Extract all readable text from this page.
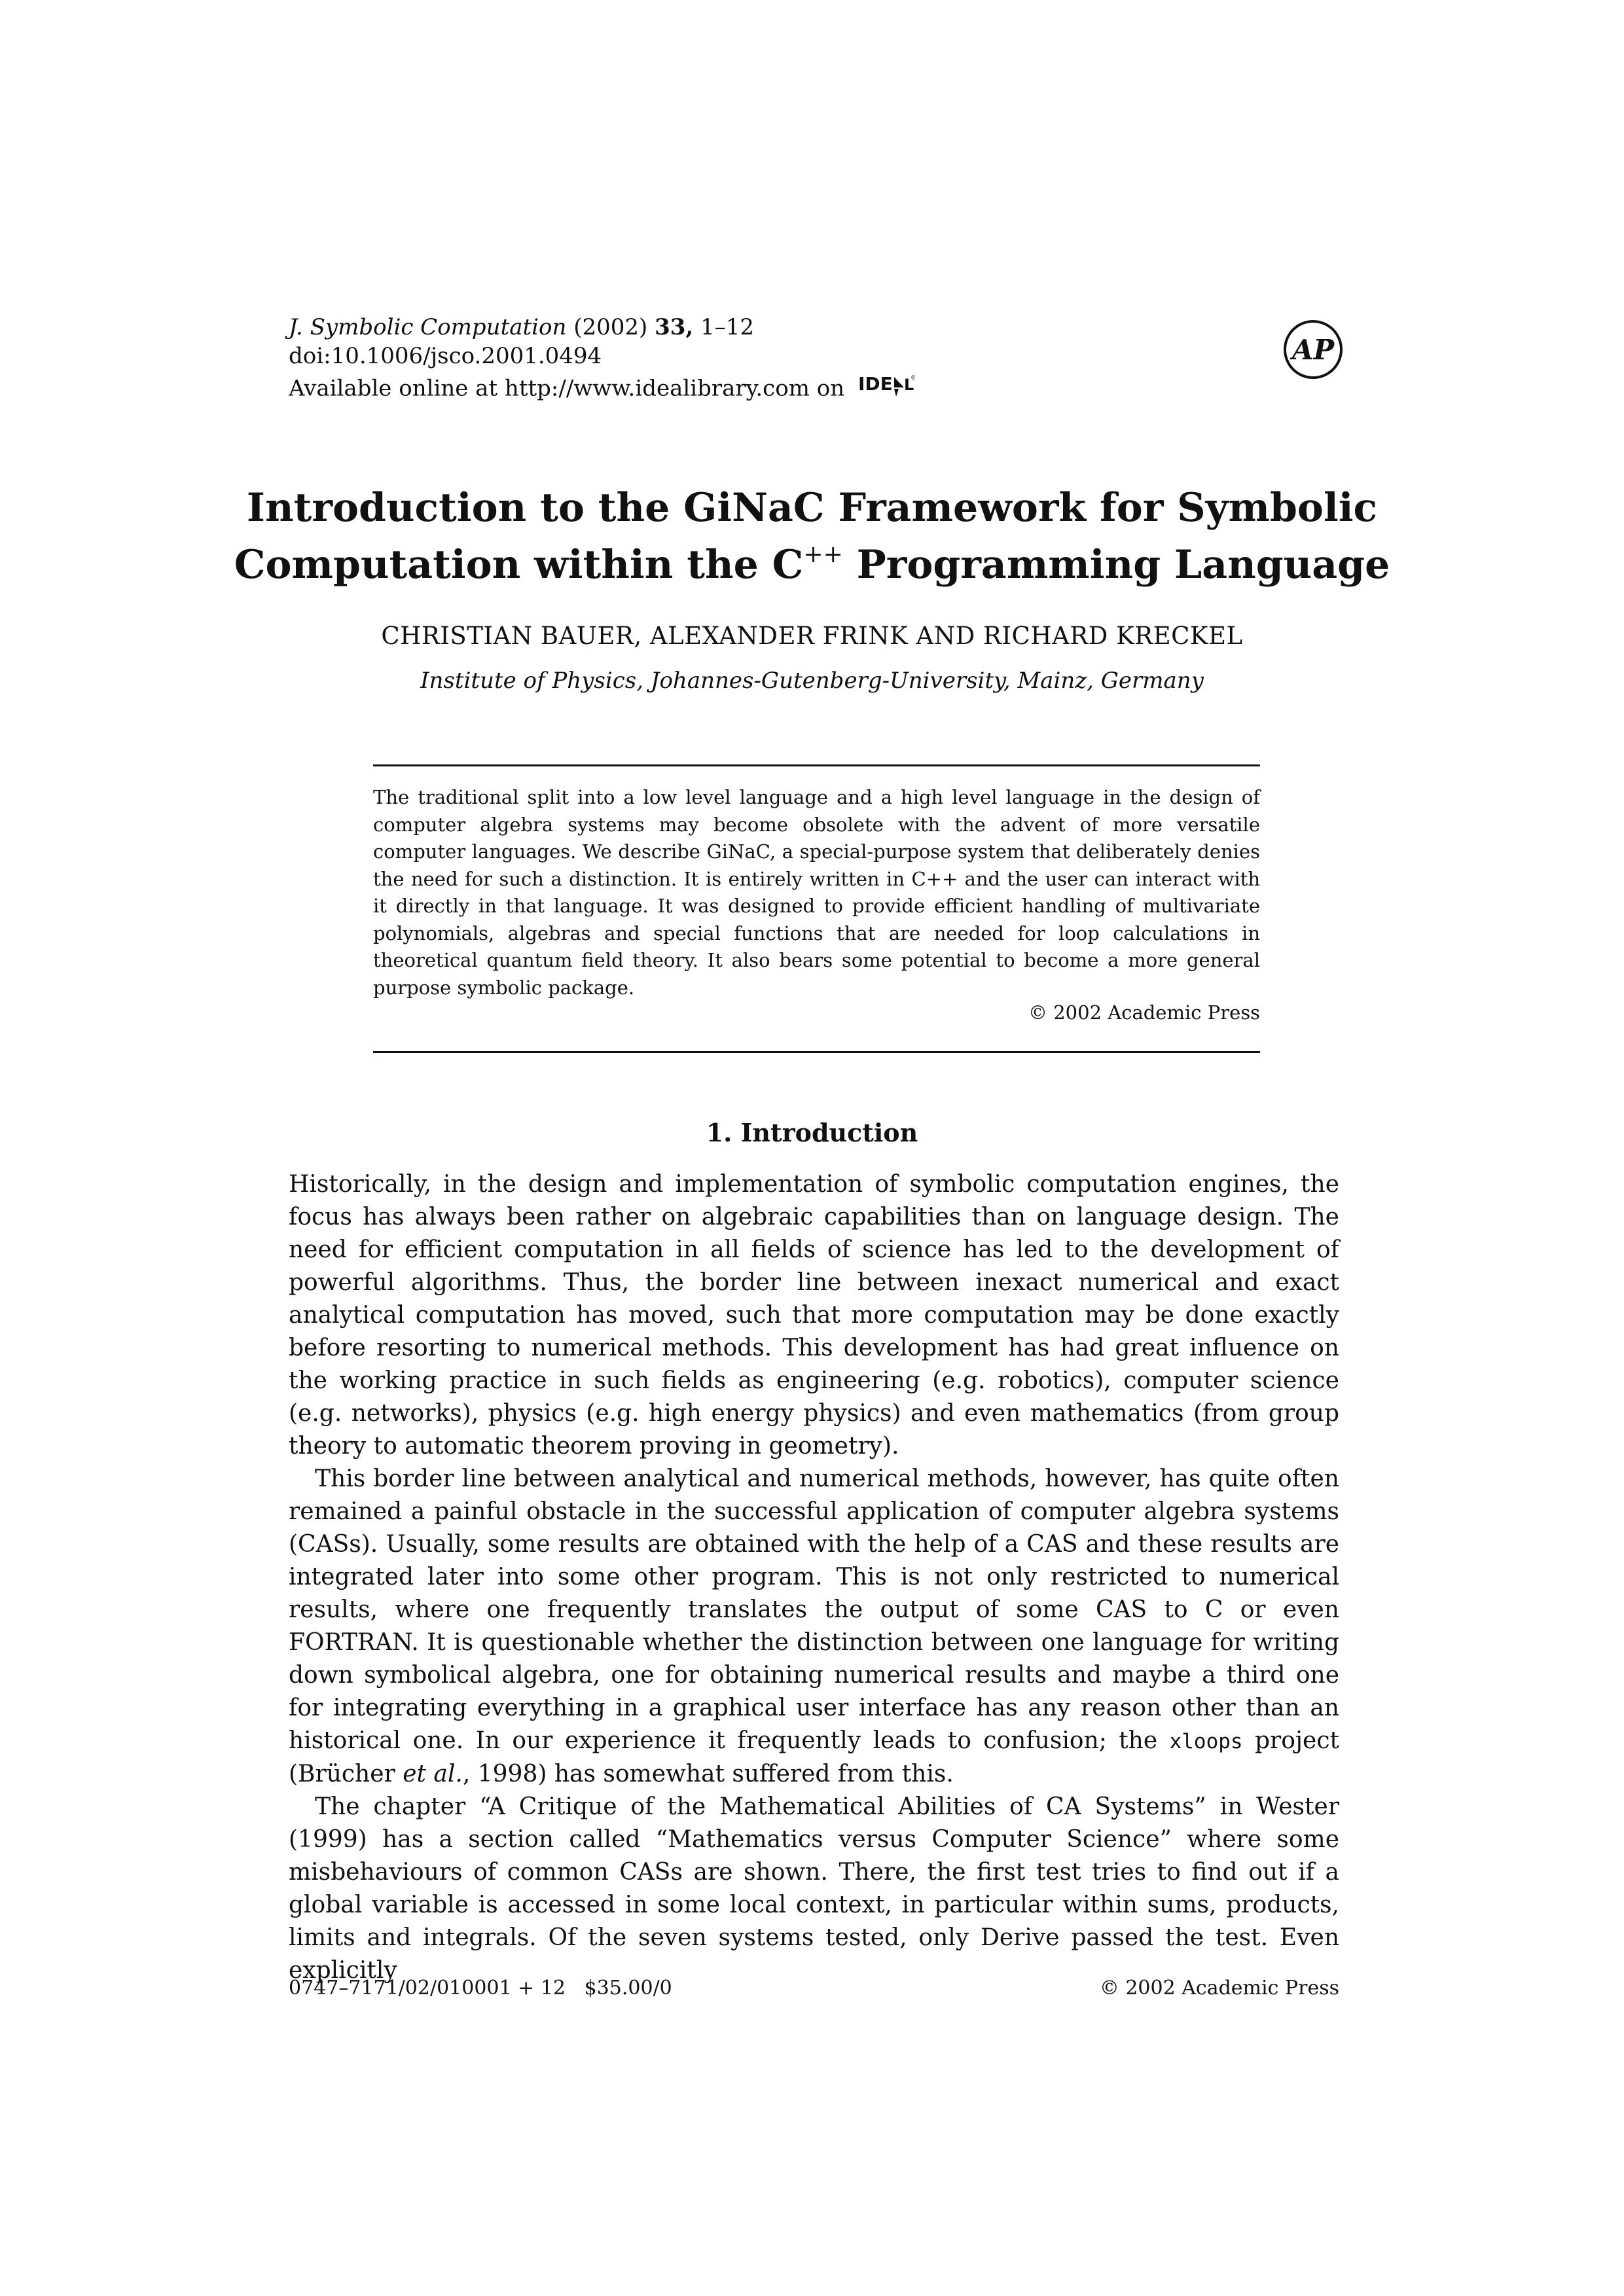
J. Symbolic Computation (2002) 33, 1–12
doi:10.1006/jsco.2001.0494
Available online at http://www.idealibrary.com on IDE L
®
AP
Introduction to the GiNaC Framework for Symbolic
Computation within the C++ Programming Language
CHRISTIAN BAUER, ALEXANDER FRINK AND RICHARD KRECKEL
Institute of Physics, Johannes-Gutenberg-University, Mainz, Germany
The traditional split into a low level language and a high level language in the design of computer algebra systems may become obsolete with the advent of more versatile computer languages. We describe GiNaC, a special-purpose system that deliberately denies the need for such a distinction. It is entirely written in C++ and the user can interact with it directly in that language. It was designed to provide efficient handling of multivariate polynomials, algebras and special functions that are needed for loop calculations in theoretical quantum field theory. It also bears some potential to become a more general purpose symbolic package.
© 2002 Academic Press
1. Introduction

Historically, in the design and implementation of symbolic computation engines, the focus has always been rather on algebraic capabilities than on language design. The need for efficient computation in all fields of science has led to the development of powerful algorithms. Thus, the border line between inexact numerical and exact analytical computation has moved, such that more computation may be done exactly before resorting to numerical methods. This development has had great influence on the working practice in such fields as engineering (e.g. robotics), computer science (e.g. networks), physics (e.g. high energy physics) and even mathematics (from group theory to automatic theorem proving in geometry).

This border line between analytical and numerical methods, however, has quite often remained a painful obstacle in the successful application of computer algebra systems (CASs). Usually, some results are obtained with the help of a CAS and these results are integrated later into some other program. This is not only restricted to numerical results, where one frequently translates the output of some CAS to C or even FORTRAN. It is questionable whether the distinction between one language for writing down symbolical algebra, one for obtaining numerical results and maybe a third one for integrating everything in a graphical user interface has any reason other than an historical one. In our experience it frequently leads to confusion; the xloops project (Brücher et al., 1998) has somewhat suffered from this.

The chapter “A Critique of the Mathematical Abilities of CA Systems” in Wester (1999) has a section called “Mathematics versus Computer Science” where some misbehaviours of common CASs are shown. There, the first test tries to find out if a global variable is accessed in some local context, in particular within sums, products, limits and integrals. Of the seven systems tested, only Derive passed the test. Even explicitly

0747–7171/02/010001 + 12   $35.00/0	© 2002 Academic Press
